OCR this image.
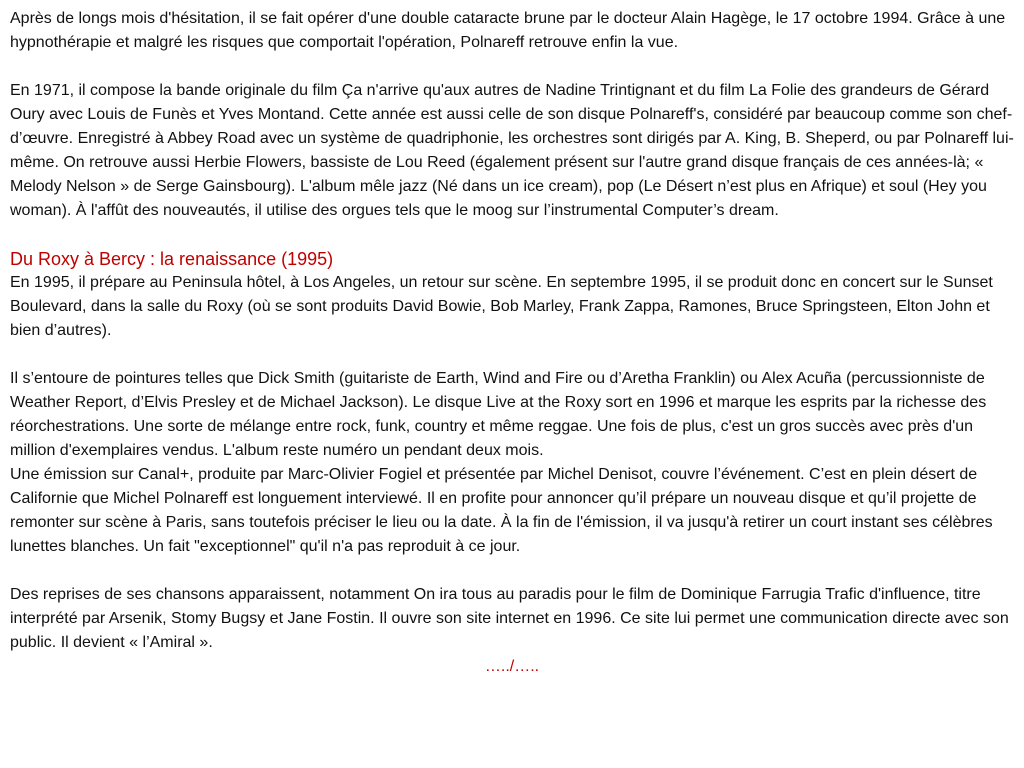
Après de longs mois d'hésitation, il se fait opérer d'une double cataracte brune par le docteur Alain Hagège, le 17 octobre 1994. Grâce à une hypnothérapie et malgré les risques que comportait l'opération, Polnareff retrouve enfin la vue.

En 1971, il compose la bande originale du film Ça n'arrive qu'aux autres de Nadine Trintignant et du film La Folie des grandeurs de Gérard Oury avec Louis de Funès et Yves Montand. Cette année est aussi celle de son disque Polnareff's, considéré par beaucoup comme son chef-d’œuvre. Enregistré à Abbey Road avec un système de quadriphonie, les orchestres sont dirigés par A. King, B. Sheperd, ou par Polnareff lui-même. On retrouve aussi Herbie Flowers, bassiste de Lou Reed (également présent sur l'autre grand disque français de ces années-là; « Melody Nelson » de Serge Gainsbourg). L'album mêle jazz (Né dans un ice cream), pop (Le Désert n’est plus en Afrique) et soul (Hey you woman). À l'affût des nouveautés, il utilise des orgues tels que le moog sur l’instrumental Computer’s dream.

Du Roxy à Bercy : la renaissance (1995)

En 1995, il prépare au Peninsula hôtel, à Los Angeles, un retour sur scène. En septembre 1995, il se produit donc en concert sur le Sunset Boulevard, dans la salle du Roxy (où se sont produits David Bowie, Bob Marley, Frank Zappa, Ramones, Bruce Springsteen, Elton John et bien d’autres).

Il s’entoure de pointures telles que Dick Smith (guitariste de Earth, Wind and Fire ou d’Aretha Franklin) ou Alex Acuña (percussionniste de Weather Report, d’Elvis Presley et de Michael Jackson). Le disque Live at the Roxy sort en 1996 et marque les esprits par la richesse des réorchestrations. Une sorte de mélange entre rock, funk, country et même reggae. Une fois de plus, c'est un gros succès avec près d'un million d'exemplaires vendus. L'album reste numéro un pendant deux mois.

Une émission sur Canal+, produite par Marc-Olivier Fogiel et présentée par Michel Denisot, couvre l’événement. C’est en plein désert de Californie que Michel Polnareff est longuement interviewé. Il en profite pour annoncer qu’il prépare un nouveau disque et qu’il projette de remonter sur scène à Paris, sans toutefois préciser le lieu ou la date. À la fin de l'émission, il va jusqu'à retirer un court instant ses célèbres lunettes blanches. Un fait "exceptionnel" qu'il n'a pas reproduit à ce jour.

Des reprises de ses chansons apparaissent, notamment On ira tous au paradis pour le film de Dominique Farrugia Trafic d'influence, titre interprété par Arsenik, Stomy Bugsy et Jane Fostin. Il ouvre son site internet en 1996. Ce site lui permet une communication directe avec son public. Il devient « l’Amiral ».

…../…..
